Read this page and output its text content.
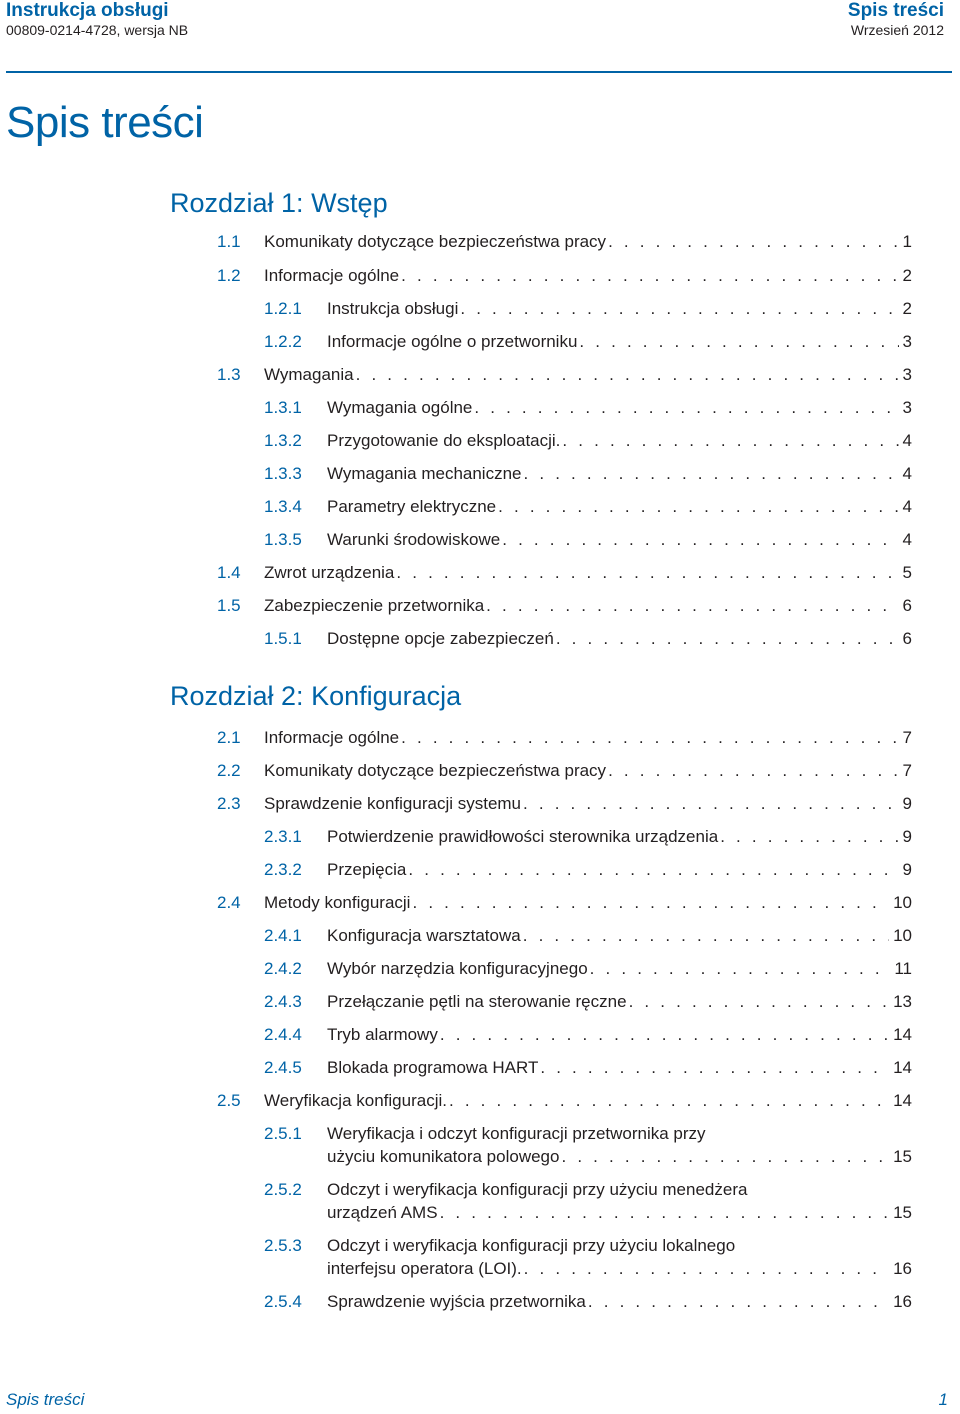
Instrukcja obsługi
00809-0214-4728, wersja NB
Spis treści
Wrzesień 2012
Spis treści
Rozdział 1: Wstęp
1.1 Komunikaty dotyczące bezpieczeństwa pracy . . .	1
1.2 Informacje ogólne . . .	2
1.2.1 Instrukcja obsługi . . .	2
1.2.2 Informacje ogólne o przetworniku . . .	3
1.3 Wymagania . . .	3
1.3.1 Wymagania ogólne . . .	3
1.3.2 Przygotowanie do eksploatacji. . . .	4
1.3.3 Wymagania mechaniczne . . .	4
1.3.4 Parametry elektryczne . . .	4
1.3.5 Warunki środowiskowe . . .	4
1.4 Zwrot urządzenia . . .	5
1.5 Zabezpieczenie przetwornika . . .	6
1.5.1 Dostępne opcje zabezpieczeń . . .	6
Rozdział 2: Konfiguracja
2.1 Informacje ogólne . . .	7
2.2 Komunikaty dotyczące bezpieczeństwa pracy . . .	7
2.3 Sprawdzenie konfiguracji systemu . . .	9
2.3.1 Potwierdzenie prawidłowości sterownika urządzenia . . .	9
2.3.2 Przepięcia . . .	9
2.4 Metody konfiguracji . . .	10
2.4.1 Konfiguracja warsztatowa . . .	10
2.4.2 Wybór narzędzia konfiguracyjnego . . .	11
2.4.3 Przełączanie pętli na sterowanie ręczne . . .	13
2.4.4 Tryb alarmowy . . .	14
2.4.5 Blokada programowa HART . . .	14
2.5 Weryfikacja konfiguracji. . . .	14
2.5.1 Weryfikacja i odczyt konfiguracji przetwornika przy
użyciu komunikatora polowego . . .	15
2.5.2 Odczyt i weryfikacja konfiguracji przy użyciu menedżera
urządzeń AMS . . .	15
2.5.3 Odczyt i weryfikacja konfiguracji przy użyciu lokalnego
interfejsu operatora (LOI). . . .	16
2.5.4 Sprawdzenie wyjścia przetwornika . . .	16
Spis treści	1
